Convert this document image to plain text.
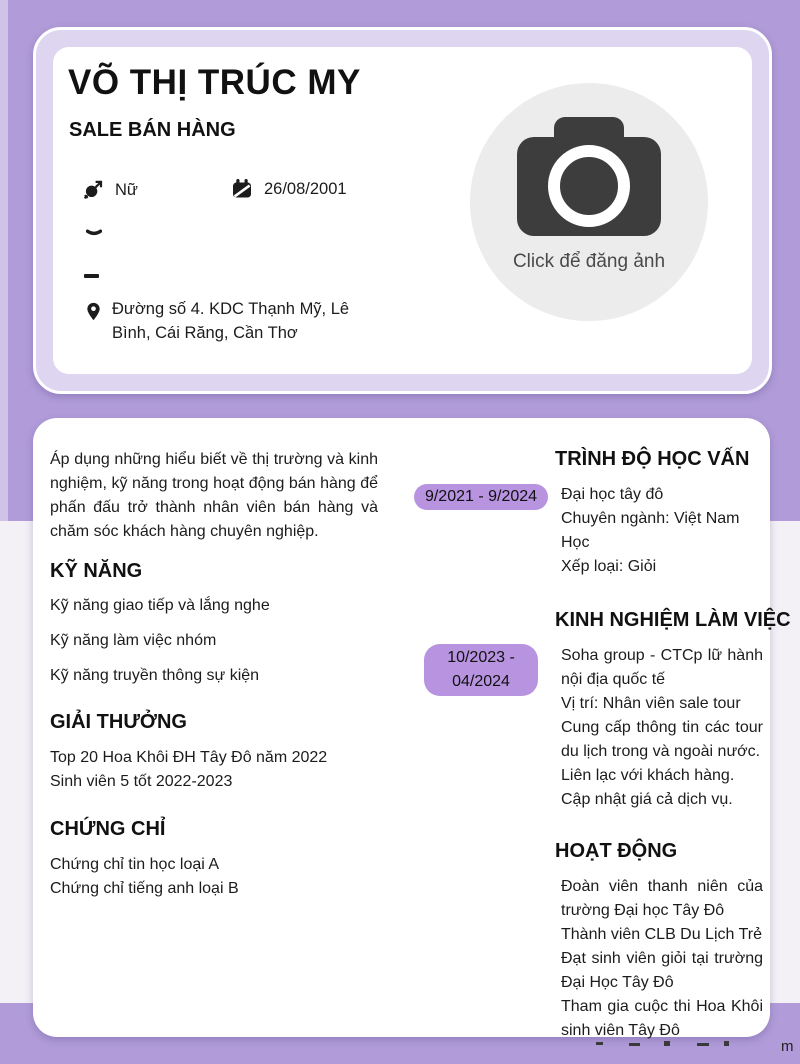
VÕ THỊ TRÚC MY
SALE BÁN HÀNG
Nữ	26/08/2001
Đường số 4. KDC Thạnh Mỹ, Lê Bình, Cái Răng, Cần Thơ
Click để đăng ảnh

Áp dụng những hiểu biết về thị trường và kinh nghiệm, kỹ năng trong hoạt động bán hàng để phấn đấu trở thành nhân viên bán hàng và chăm sóc khách hàng chuyên nghiệp.

KỸ NĂNG

Kỹ năng giao tiếp và lắng nghe

Kỹ năng làm việc nhóm

Kỹ năng truyền thông sự kiện

GIẢI THƯỞNG

Top 20 Hoa Khôi ĐH Tây Đô năm 2022

Sinh viên 5 tốt 2022-2023

CHỨNG CHỈ

Chứng chỉ tin học loại A

Chứng chỉ tiếng anh loại B

TRÌNH ĐỘ HỌC VẤN
9/2021 - 9/2024	Đại học tây đô

Chuyên ngành: Việt Nam Học

Xếp loại: Giỏi

KINH NGHIỆM LÀM VIỆC
10/2023 - 04/2024

Soha group - CTCp lữ hành nội địa quốc tế

Vị trí: Nhân viên sale tour

Cung cấp thông tin các tour du lịch trong và ngoài nước.

Liên lạc với khách hàng.

Cập nhật giá cả dịch vụ.

HOẠT ĐỘNG

Đoàn viên thanh niên của trường Đại học Tây Đô

Thành viên CLB Du Lịch Trẻ

Đạt sinh viên giỏi tại trường Đại Học Tây Đô

Tham gia cuộc thi Hoa Khôi sinh viên Tây Đô

m
